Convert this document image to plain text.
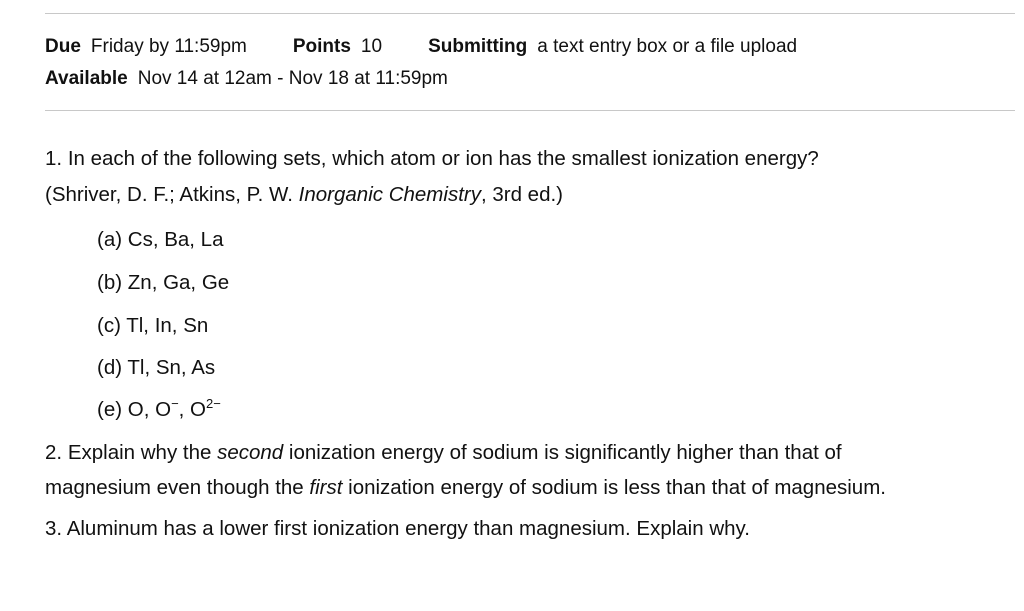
Due Friday by 11:59pm Points 10 Submitting a text entry box or a file upload
Available Nov 14 at 12am - Nov 18 at 11:59pm
1. In each of the following sets, which atom or ion has the smallest ionization energy?
(Shriver, D. F.; Atkins, P. W. Inorganic Chemistry, 3rd ed.)
(a) Cs, Ba, La
(b) Zn, Ga, Ge
(c) Tl, In, Sn
(d) Tl, Sn, As
(e) O, O−, $O^{2-}$
2. Explain why the second ionization energy of sodium is significantly higher than that of
magnesium even though the first ionization energy of sodium is less than that of magnesium.
3. Aluminum has a lower first ionization energy than magnesium. Explain why.
